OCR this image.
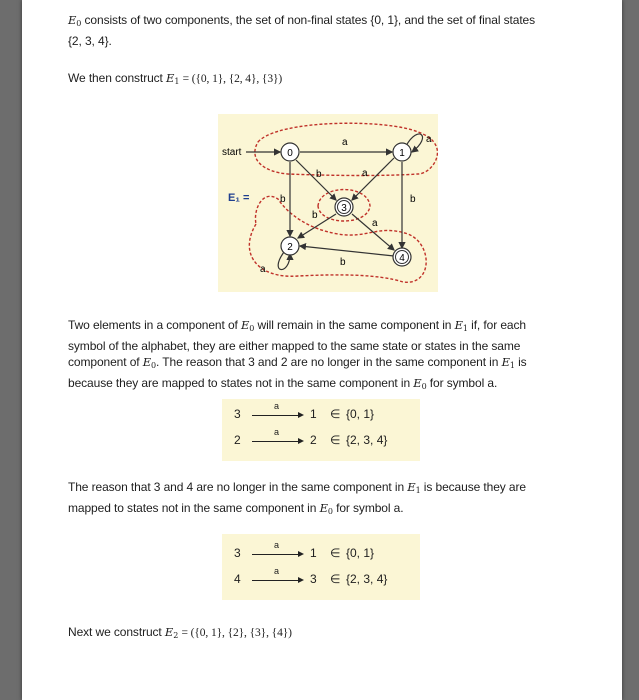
$E_0$ consists of two components, the set of non-final states {0, 1}, and the set of final states
{2, 3, 4}.
We then construct $E_1 = (\{0$, 1}, {2, 4}, {3})
0	1
2
3
4
start
E₁ =
a	a
b	a
b	b
b
a
b
a
Two elements in a component of $E_0$ will remain in the same component in $E_1$ if, for each
symbol of the alphabet, they are either mapped to the same state or states in the same
component of $E_0$. The reason that 3 and 2 are no longer in the same component in $E_1$ is
because they are mapped to states not in the same component in $E_0$ for symbol a.
3
a
1 ∈ {0, 1}
2
a
2 ∈ {2, 3, 4}
The reason that 3 and 4 are no longer in the same component in $E_1$ is because they are
mapped to states not in the same component in $E_0$ for symbol a.
3
a
1 ∈ {0, 1}
4
a
3 ∈ {2, 3, 4}
Next we construct $E_2 = (\{0$, 1}, {2}, {3}, {4})
